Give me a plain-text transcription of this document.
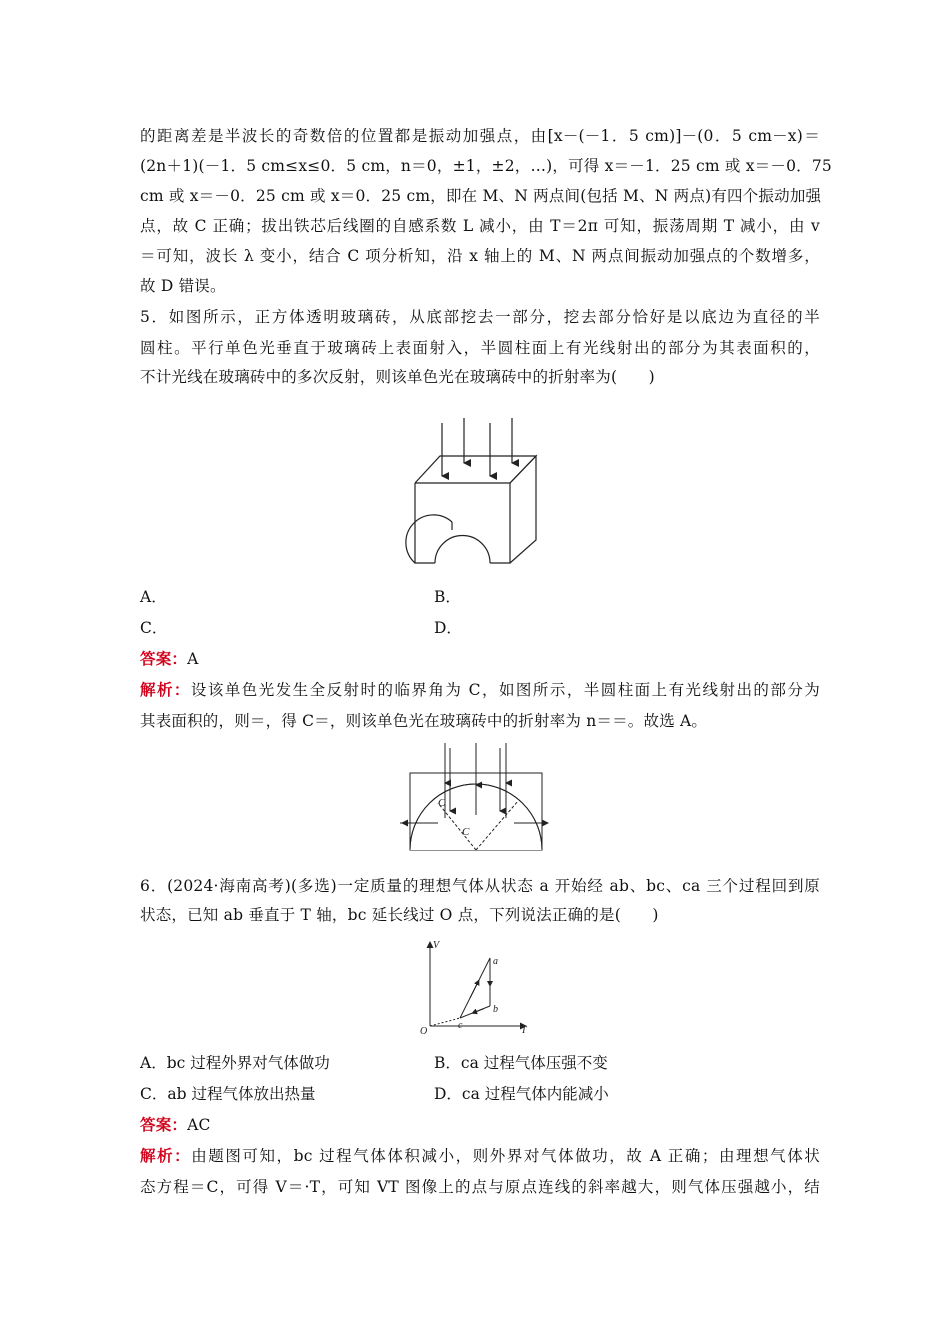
的距离差是半波长的奇数倍的位置都是振动加强点，由[x－(－1．5 cm)]－(0．5 cm－x)＝
(2n＋1)(－1．5 cm≤x≤0．5 cm，n＝0，±1，±2，…)，可得 x＝－1．25 cm 或 x＝－0．75
cm 或 x＝－0．25 cm 或 x＝0．25 cm，即在 M、N 两点间(包括 M、N 两点)有四个振动加强
点，故 C 正确；拔出铁芯后线圈的自感系数 L 减小，由 T＝2π 可知，振荡周期 T 减小，由 v
＝可知，波长 λ 变小，结合 C 项分析知，沿 x 轴上的 M、N 两点间振动加强点的个数增多，
故 D 错误。
5．如图所示，正方体透明玻璃砖，从底部挖去一部分，挖去部分恰好是以底边为直径的半
圆柱。平行单色光垂直于玻璃砖上表面射入，半圆柱面上有光线射出的部分为其表面积的，
不计光线在玻璃砖中的多次反射，则该单色光在玻璃砖中的折射率为(　　)
A．	B．
C．	D．
答案：A
解析：设该单色光发生全反射时的临界角为 C，如图所示，半圆柱面上有光线射出的部分为
其表面积的，则＝，得 C＝，则该单色光在玻璃砖中的折射率为 n＝＝。故选 A。
C
C
6．(2024·海南高考)(多选)一定质量的理想气体从状态 a 开始经 ab、bc、ca 三个过程回到原
状态，已知 ab 垂直于 T 轴，bc 延长线过 O 点，下列说法正确的是(　　)
V
T
O
a
b
c
A．bc 过程外界对气体做功	B．ca 过程气体压强不变
C．ab 过程气体放出热量	D．ca 过程气体内能减小
答案：AC
解析：由题图可知，bc 过程气体体积减小，则外界对气体做功，故 A 正确；由理想气体状
态方程＝C，可得 V＝·T，可知 VT 图像上的点与原点连线的斜率越大，则气体压强越小，结
